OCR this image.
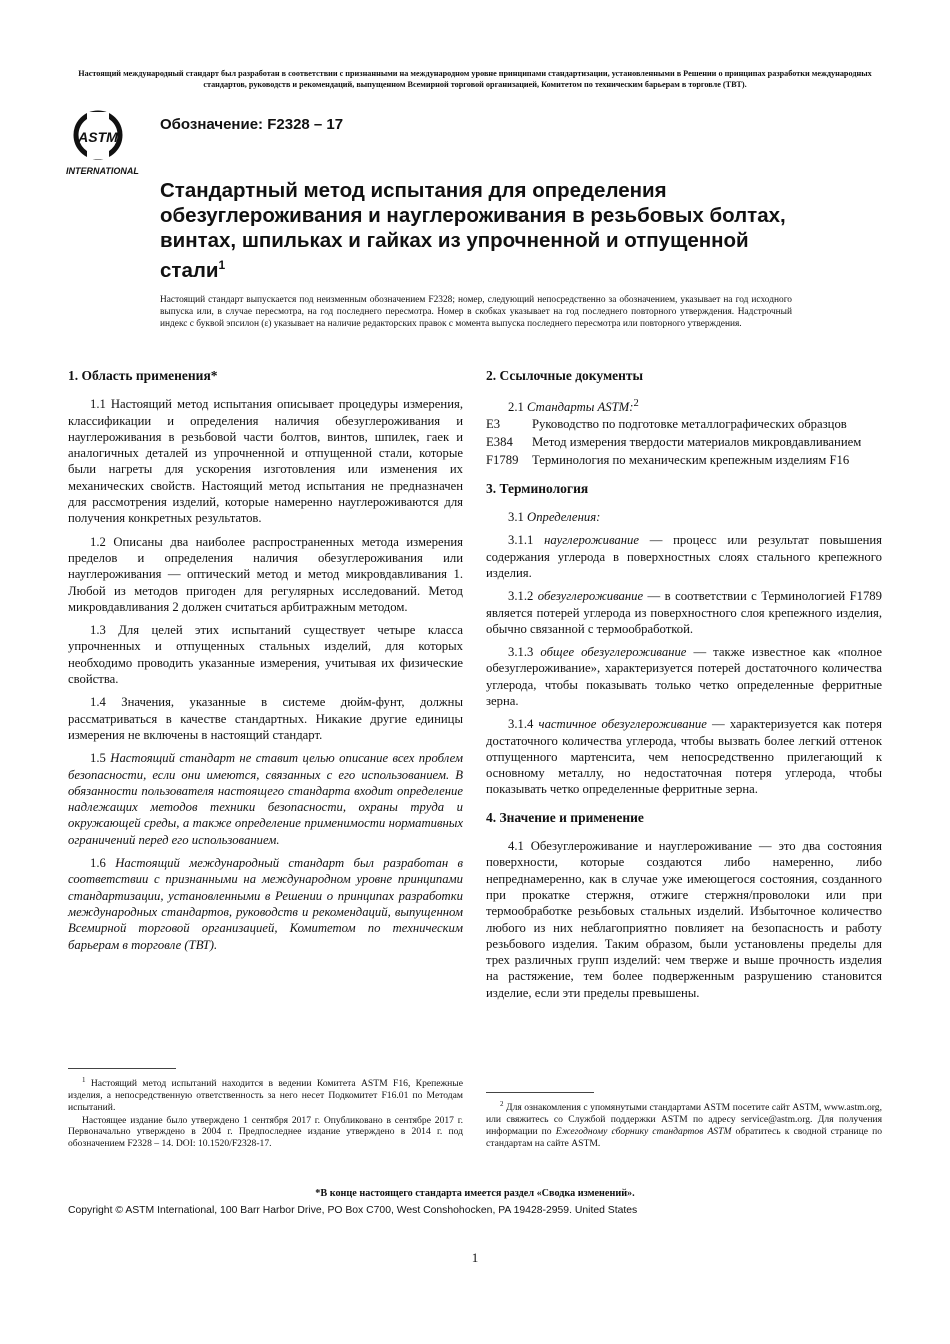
Настоящий международный стандарт был разработан в соответствии с признанными на международном уровне принципами стандартизации, установленными в Решении о принципах разработки международных стандартов, руководств и рекомендаций, выпущенном Всемирной торговой организацией, Комитетом по техническим барьерам в торговле (ТВТ).
ASTM
INTERNATIONAL
Обозначение: F2328 – 17
Стандартный метод испытания для определения обезуглероживания и науглероживания в резьбовых болтах, винтах, шпильках и гайках из упрочненной и отпущенной стали$^1$

Настоящий стандарт выпускается под неизменным обозначением F2328; номер, следующий непосредственно за обозначением, указывает на год исходного выпуска или, в случае пересмотра, на год последнего пересмотра. Номер в скобках указывает на год последнего повторного утверждения. Надстрочный индекс с буквой эпсилон (ε) указывает на наличие редакторских правок с момента выпуска последнего пересмотра или повторного утверждения.

1. Область применения*

1.1 Настоящий метод испытания описывает процедуры измерения, классификации и определения наличия обезуглероживания и науглероживания в резьбовой части болтов, винтов, шпилек, гаек и аналогичных деталей из упрочненной и отпущенной стали, которые были нагреты для ускорения изготовления или изменения их механических свойств. Настоящий метод испытания не предназначен для рассмотрения изделий, которые намеренно науглероживаются для получения конкретных результатов.

1.2 Описаны два наиболее распространенных метода измерения пределов и определения наличия обезуглероживания или науглероживания — оптический метод и метод микровдавливания 1. Любой из методов пригоден для регулярных исследований. Метод микровдавливания 2 должен считаться арбитражным методом.

1.3 Для целей этих испытаний существует четыре класса упрочненных и отпущенных стальных изделий, для которых необходимо проводить указанные измерения, учитывая их физические свойства.

1.4 Значения, указанные в системе дюйм-фунт, должны рассматриваться в качестве стандартных. Никакие другие единицы измерения не включены в настоящий стандарт.

1.5 Настоящий стандарт не ставит целью описание всех проблем безопасности, если они имеются, связанных с его использованием. В обязанности пользователя настоящего стандарта входит определение надлежащих методов техники безопасности, охраны труда и окружающей среды, а также определение применимости нормативных ограничений перед его использованием.

1.6 Настоящий международный стандарт был разработан в соответствии с признанными на международном уровне принципами стандартизации, установленными в Решении о принципах разработки международных стандартов, руководств и рекомендаций, выпущенном Всемирной торговой организацией, Комитетом по техническим барьерам в торговле (ТВТ).

$^1$ Настоящий метод испытаний находится в ведении Комитета ASTM F16, Крепежные изделия, а непосредственную ответственность за него несет Подкомитет F16.01 по Методам испытаний.

Настоящее издание было утверждено 1 сентября 2017 г. Опубликовано в сентябре 2017 г. Первоначально утверждено в 2004 г. Предпоследнее издание утверждено в 2014 г. под обозначением F2328 – 14. DOI: 10.1520/F2328-17.

2. Ссылочные документы

2.1 Стандарты ASTM:$^2$

E3	Руководство по подготовке металлографических образцов
E384	Метод измерения твердости материалов микровдавливанием
F1789	Терминология по механическим крепежным изделиям F16
3. Терминология

3.1 Определения:

3.1.1 науглероживание — процесс или результат повышения содержания углерода в поверхностных слоях стального крепежного изделия.

3.1.2 обезуглероживание — в соответствии с Терминологией F1789 является потерей углерода из поверхностного слоя крепежного изделия, обычно связанной с термообработкой.

3.1.3 общее обезуглероживание — также известное как «полное обезуглероживание», характеризуется потерей достаточного количества углерода, чтобы показывать только четко определенные ферритные зерна.

3.1.4 частичное обезуглероживание — характеризуется как потеря достаточного количества углерода, чтобы вызвать более легкий оттенок отпущенного мартенсита, чем непосредственно прилегающий к основному металлу, но недостаточная потеря углерода, чтобы показывать четко определенные ферритные зерна.

4. Значение и применение

4.1 Обезуглероживание и науглероживание — это два состояния поверхности, которые создаются либо намеренно, либо непреднамеренно, как в случае уже имеющегося состояния, созданного при прокатке стержня, отжиге стержня/проволоки или при термообработке резьбовых стальных изделий. Избыточное количество любого из них неблагоприятно повлияет на безопасность и работу резьбового изделия. Таким образом, были установлены пределы для трех различных групп изделий: чем тверже и выше прочность изделия на растяжение, тем более подверженным разрушению становится изделие, если эти пределы превышены.

$^2$ Для ознакомления с упомянутыми стандартами ASTM посетите сайт ASTM, www.astm.org, или свяжитесь со Службой поддержки ASTM по адресу service@astm.org. Для получения информации по Ежегодному сборнику стандартов ASTM обратитесь к сводной странице по стандартам на сайте ASTM.

*В конце настоящего стандарта имеется раздел «Сводка изменений».
Copyright © ASTM International, 100 Barr Harbor Drive, PO Box C700, West Conshohocken, PA 19428-2959. United States
1
